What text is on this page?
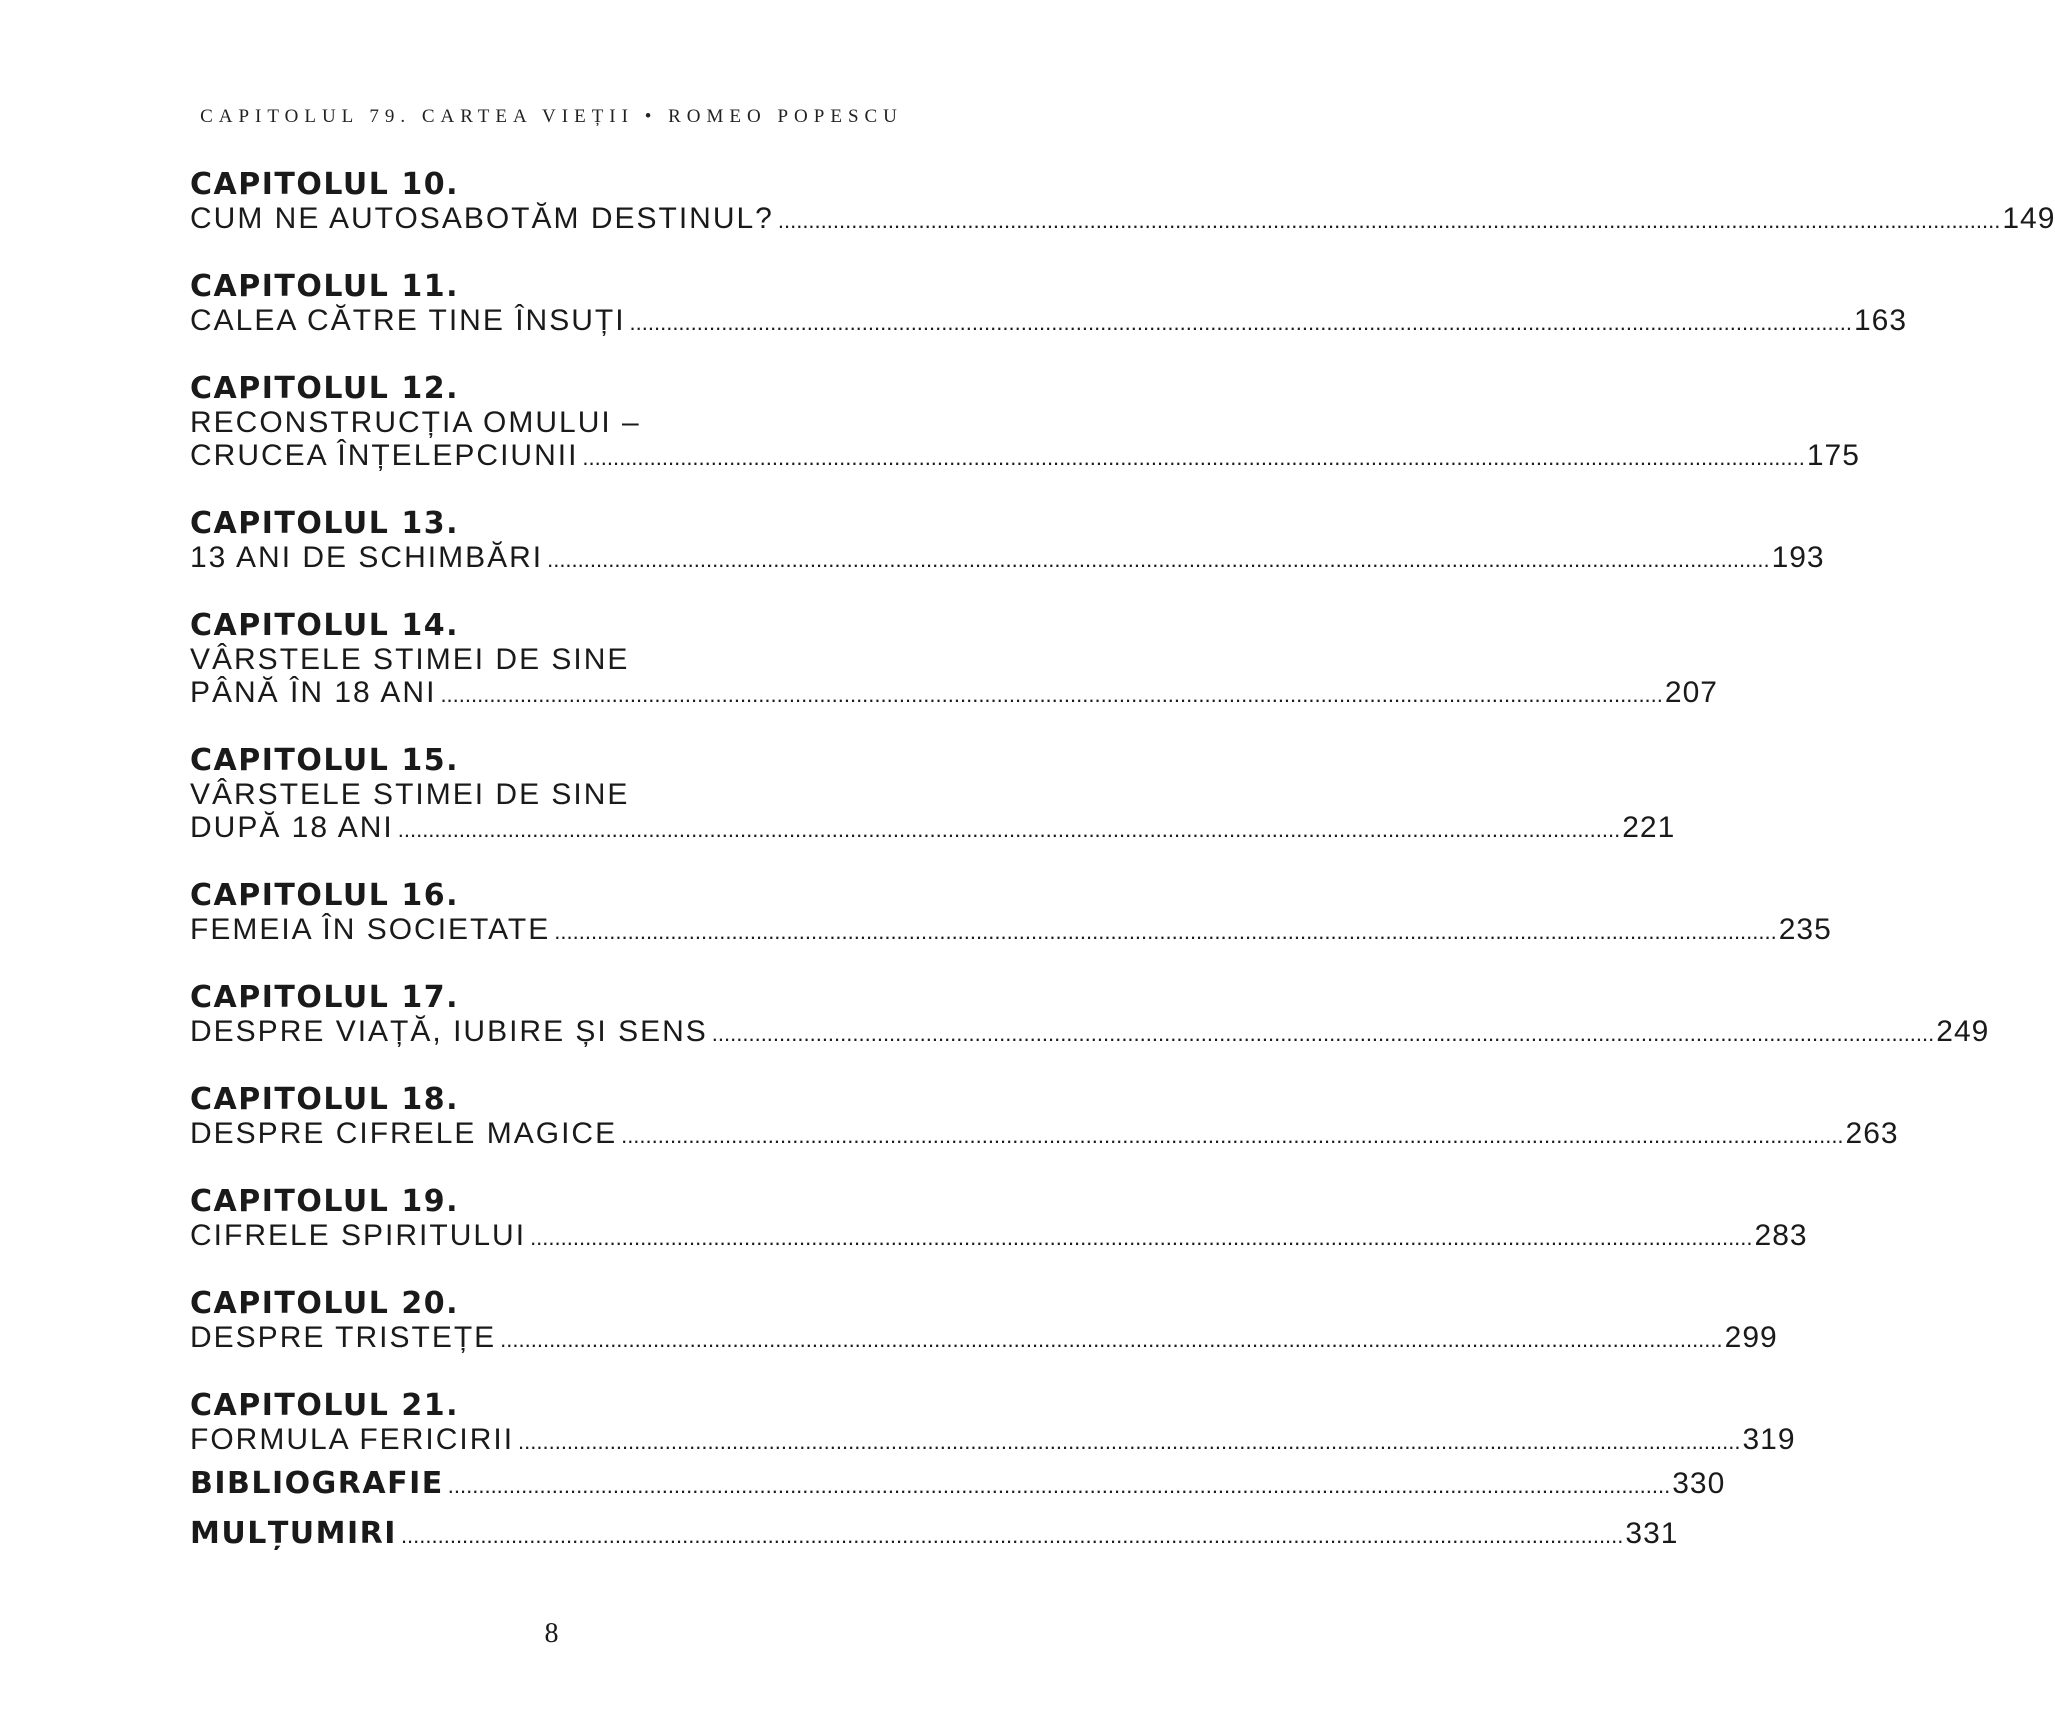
CAPITOLUL 79. CARTEA VIEȚII • ROMEO POPESCU
CAPITOLUL 10.
CUM NE AUTOSABOTĂM DESTINUL? ........................................................................................................................................................................................................ 149
CAPITOLUL 11.
CALEA CĂTRE TINE ÎNSUȚI ........................................................................................................................................................................................................ 163
CAPITOLUL 12.
RECONSTRUCȚIA OMULUI –
CRUCEA ÎNȚELEPCIUNII ........................................................................................................................................................................................................ 175
CAPITOLUL 13.
13 ANI DE SCHIMBĂRI ........................................................................................................................................................................................................ 193
CAPITOLUL 14.
VÂRSTELE STIMEI DE SINE
PÂNĂ ÎN 18 ANI ........................................................................................................................................................................................................ 207
CAPITOLUL 15.
VÂRSTELE STIMEI DE SINE
DUPĂ 18 ANI ........................................................................................................................................................................................................ 221
CAPITOLUL 16.
FEMEIA ÎN SOCIETATE ........................................................................................................................................................................................................ 235
CAPITOLUL 17.
DESPRE VIAȚĂ, IUBIRE ȘI SENS ........................................................................................................................................................................................................ 249
CAPITOLUL 18.
DESPRE CIFRELE MAGICE ........................................................................................................................................................................................................ 263
CAPITOLUL 19.
CIFRELE SPIRITULUI ........................................................................................................................................................................................................ 283
CAPITOLUL 20.
DESPRE TRISTEȚE ........................................................................................................................................................................................................ 299
CAPITOLUL 21.
FORMULA FERICIRII ........................................................................................................................................................................................................ 319
BIBLIOGRAFIE ........................................................................................................................................................................................................ 330
MULȚUMIRI ........................................................................................................................................................................................................ 331
8
